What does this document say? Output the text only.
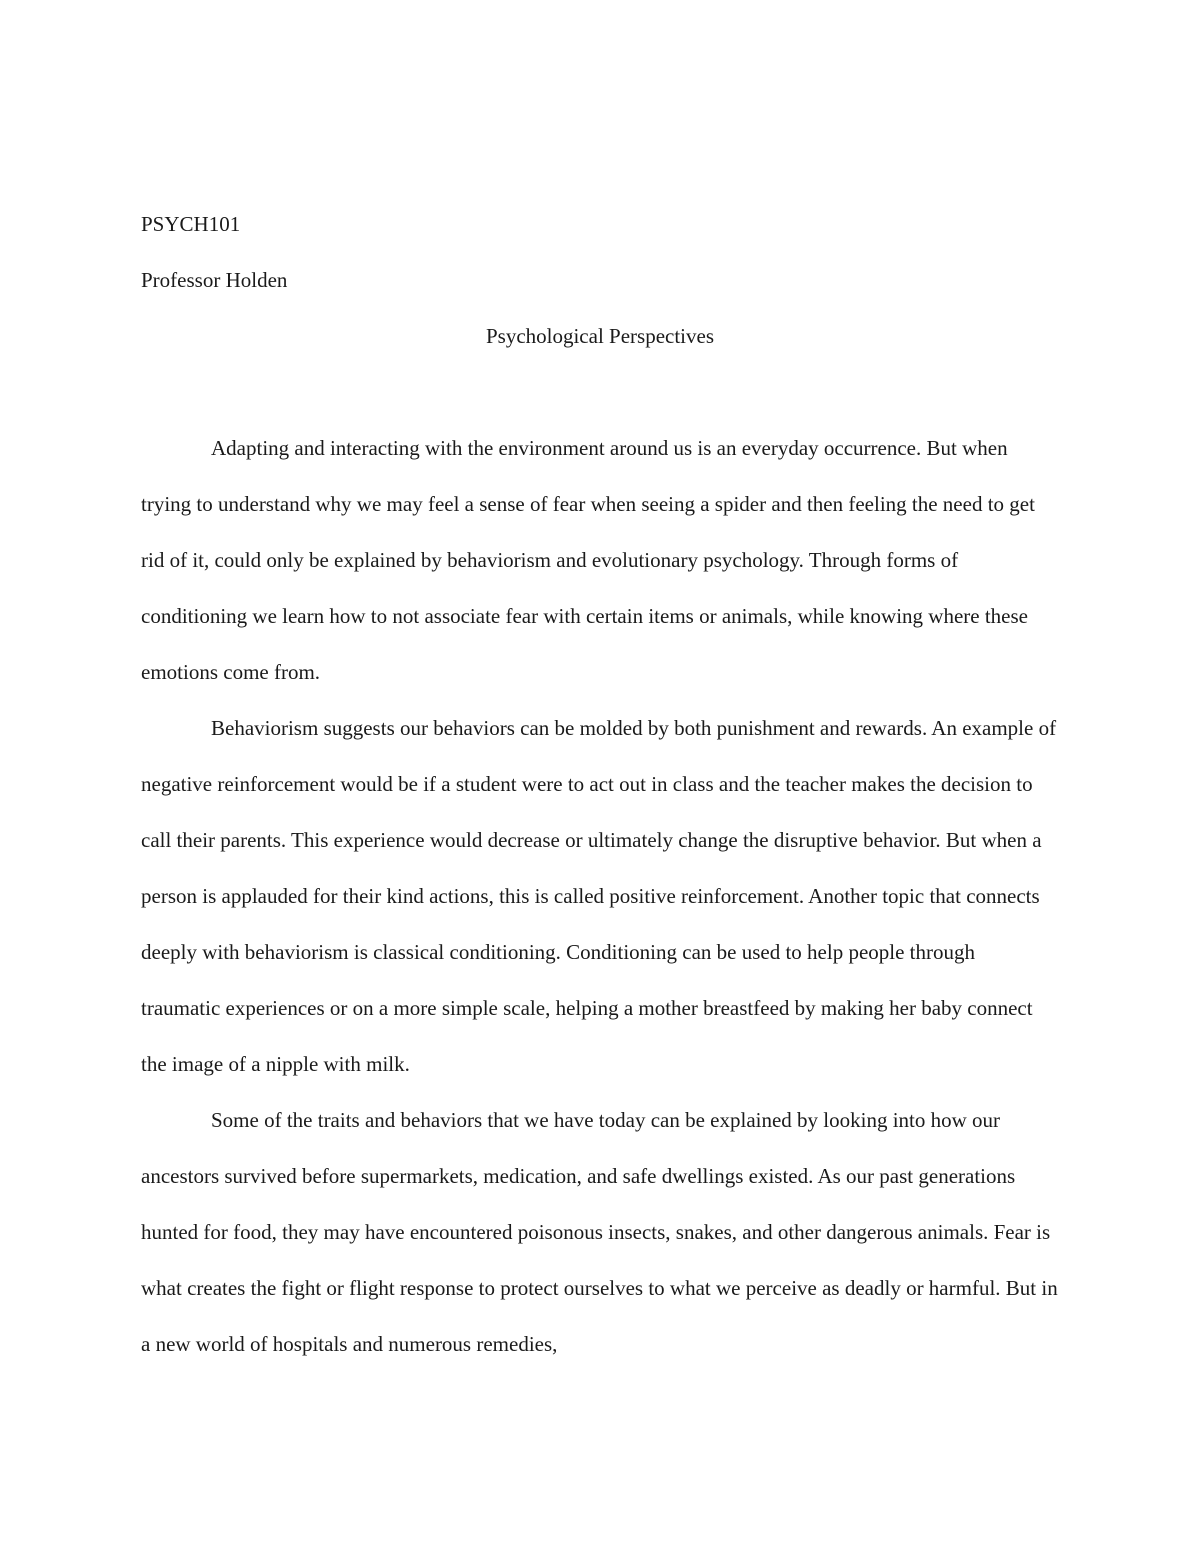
PSYCH101

Professor Holden

Psychological Perspectives

Adapting and interacting with the environment around us is an everyday occurrence. But when trying to understand why we may feel a sense of fear when seeing a spider and then feeling the need to get rid of it, could only be explained by behaviorism and evolutionary psychology. Through forms of conditioning we learn how to not associate fear with certain items or animals, while knowing where these emotions come from.

Behaviorism suggests our behaviors can be molded by both punishment and rewards. An example of negative reinforcement would be if a student were to act out in class and the teacher makes the decision to call their parents. This experience would decrease or ultimately change the disruptive behavior. But when a person is applauded for their kind actions, this is called positive reinforcement. Another topic that connects deeply with behaviorism is classical conditioning. Conditioning can be used to help people through traumatic experiences or on a more simple scale, helping a mother breastfeed by making her baby connect the image of a nipple with milk.

Some of the traits and behaviors that we have today can be explained by looking into how our ancestors survived before supermarkets, medication, and safe dwellings existed. As our past generations hunted for food, they may have encountered poisonous insects, snakes, and other dangerous animals. Fear is what creates the fight or flight response to protect ourselves to what we perceive as deadly or harmful. But in a new world of hospitals and numerous remedies,
